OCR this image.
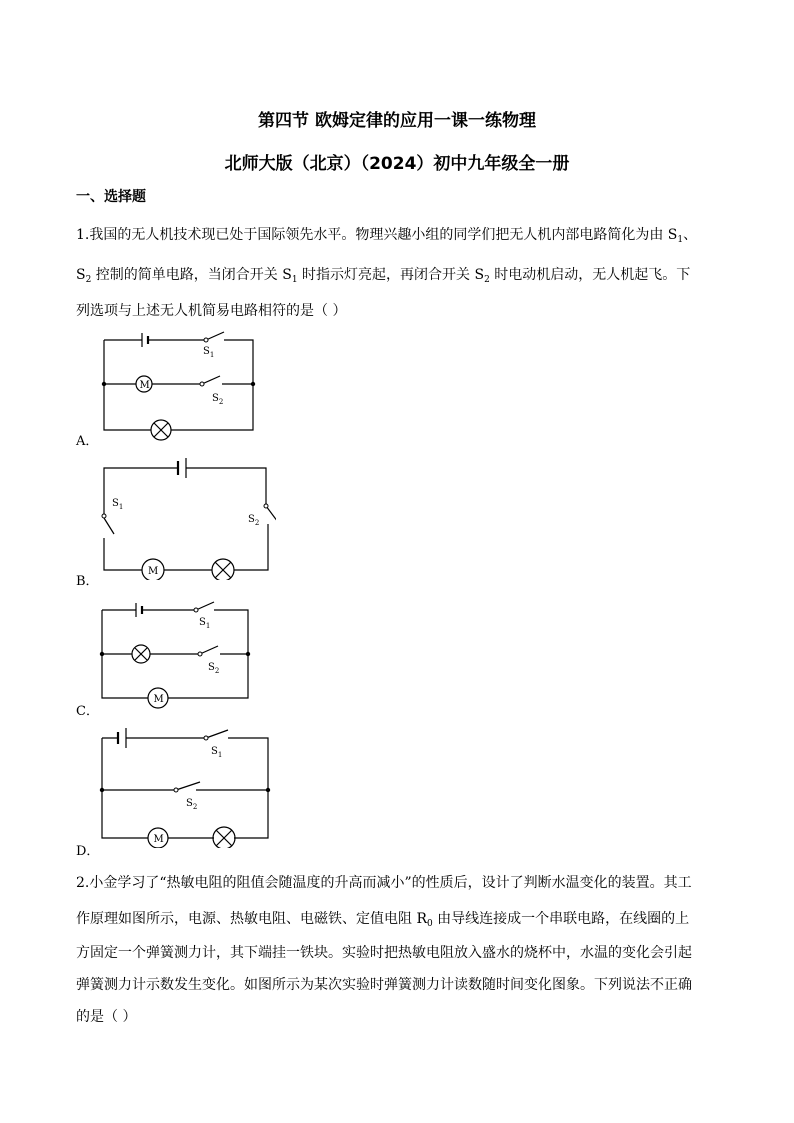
第四节 欧姆定律的应用一课一练物理
北师大版（北京）（2024）初中九年级全一册
一、选择题
1.我国的无人机技术现已处于国际领先水平。物理兴趣小组的同学们把无人机内部电路简化为由 $S_1$、
$S_2$ 控制的简单电路，当闭合开关 $S_1$ 时指示灯亮起，再闭合开关 $S_2$ 时电动机启动，无人机起飞。下
列选项与上述无人机简易电路相符的是（ ）
$S_1$
$S_2$
M
A．
$S_1$
$S_2$
M
B．
$S_1$
$S_2$
M
C．
$S_1$
$S_2$
M
D．
2.小金学习了“热敏电阻的阻值会随温度的升高而减小”的性质后，设计了判断水温变化的装置。其工
作原理如图所示，电源、热敏电阻、电磁铁、定值电阻 $R_0$ 由导线连接成一个串联电路，在线圈的上
方固定一个弹簧测力计，其下端挂一铁块。实验时把热敏电阻放入盛水的烧杯中，水温的变化会引起
弹簧测力计示数发生变化。如图所示为某次实验时弹簧测力计读数随时间变化图象。下列说法不正确
的是（ ）
